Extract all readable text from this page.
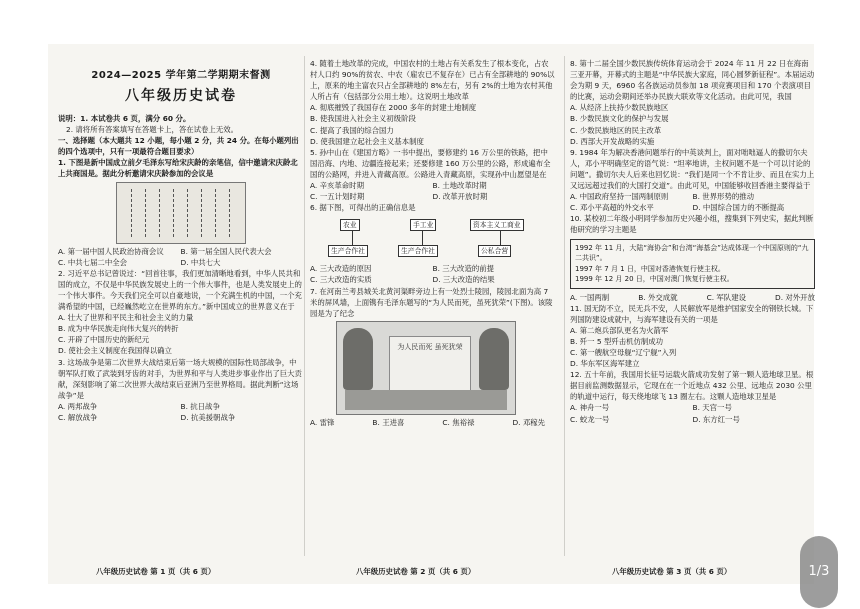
2024—2025 学年第二学期期末督测
八年级历史试卷

说明：1. 本试卷共 6 页，满分 60 分。

2. 请将所有答案填写在答题卡上，答在试卷上无效。

一、选择题（本大题共 12 小题，每小题 2 分，共 24 分。在每小题列出的四个选项中，只有一项最符合题目要求）

1. 下图是新中国成立前夕毛泽东写给宋庆龄的亲笔信，信中邀请宋庆龄北上共商国是。据此分析邀请宋庆龄参加的会议是

A. 第一届中国人民政治协商会议	B. 第一届全国人民代表大会
C. 中共七届二中全会	D. 中共七大

2. 习近平总书记曾说过：“回首往事，我们更加清晰地看到，中华人民共和国的成立，不仅是中华民族发展史上的一个伟大事件，也是人类发展史上的一个伟大事件。今天我们完全可以自豪地说，一个充满生机的中国，一个充满希望的中国，已经巍然屹立在世界的东方。”新中国成立的世界意义在于

A. 壮大了世界和平民主和社会主义的力量

B. 成为中华民族走向伟大复兴的转折

C. 开辟了中国历史的新纪元

D. 使社会主义制度在我国得以确立

3. 这场战争是第二次世界大战结束后第一场大规模的国际性局部战争，中朝军队打败了武装到牙齿的对手，为世界和平与人类进步事业作出了巨大贡献，深刻影响了第二次世界大战结束后亚洲乃至世界格局。据此判断“这场战争”是

A. 两邦战争	B. 抗日战争
C. 解放战争	D. 抗美援朝战争

4. 随着土地改革的完成，中国农村的土地占有关系发生了根本变化，占农村人口约 90%的贫农、中农（雇农已不复存在）已占有全部耕地的 90%以上，原来的地主富农只占全部耕地的 8%左右，另有 2%的土地为农村其他人所占有（包括部分公用土地）。这说明土地改革

A. 彻底摧毁了我国存在 2000 多年的封建土地制度

B. 使我国进入社会主义初级阶段

C. 提高了我国的综合国力

D. 使我国建立起社会主义基本制度

5. 孙中山在《建国方略》一书中提出，要修建约 16 万公里的铁路，把中国沿海、内地、边疆连接起来；还要修建 160 万公里的公路，形成遍布全国的公路网，并进入青藏高原。公路进入青藏高原，实现孙中山愿望是在

A. 辛亥革命时期	B. 土地改革时期
C. 一五计划时期	D. 改革开放时期

6. 据下图，可得出的正确信息是

农业	手工业	资本主义工商业
生产合作社	生产合作社	公私合营
A. 三大改造的原因	B. 三大改造的前提
C. 三大改造的实质	D. 三大改造的结果

7. 在河南兰考县城关北黄河渠畔旁边上有一处烈士陵园，陵园北面为高 7 米的屏风墙，上面镌有毛泽东题写的“为人民而死，虽死犹荣”(下图)。该陵园是为了纪念

为人民而死 虽死犹荣
A. 雷锋	B. 王进喜	C. 焦裕禄	D. 邓稼先

8. 第十二届全国少数民族传统体育运动会于 2024 年 11 月 22 日在海南三亚开幕，开幕式的主题是“中华民族大家庭，同心圆梦新征程”。本届运动会为期 9 天，6960 名各族运动员参加 18 项竞赛项目和 170 个表演项目的比赛，运动会期间还举办民族大联欢等文化活动。由此可见，我国

A. 从经济上扶持少数民族地区

B. 少数民族文化的保护与发展

C. 少数民族地区的民主改革

D. 西部大开发战略的实施

9. 1984 年为解决香港问题举行的中英谈判上，面对咄咄逼人的撒切尔夫人，邓小平明确坚定的语气说：“坦率地讲，主权问题不是一个可以讨论的问题”。撒切尔夫人后来也回忆说：“我们是同一个不肯让步、而且在实力上又远远超过我们的大国打交道”。由此可见，中国能够收回香港主要得益于

A. 中国政府坚持一国两制原则	B. 世界形势的推动
C. 邓小平高超的外交水平	D. 中国综合国力的不断提高

10. 某校初二年级小明同学参加历史兴趣小组，搜集到下列史实，据此判断他研究的学习主题是

1992 年 11 月，大陆“海协会”和台湾“海基会”达成体现一个中国原则的“九二共识”。

1997 年 7 月 1 日，中国对香港恢复行使主权。

1999 年 12 月 20 日，中国对澳门恢复行使主权。

A. 一国两制	B. 外交成就	C. 军队建设	D. 对外开放

11. 国无防不立，民无兵不安，人民解放军是维护国家安全的钢铁长城。下列国防建设成就中，与海军建设有关的一项是

A. 第二炮兵部队更名为火箭军

B. 歼一 5 型歼击机仿制成功

C. 第一艘航空母舰“辽宁舰”入列

D. 华东军区海军建立

12. 五十年前，我国用长征号运载火箭成功发射了第一颗人造地球卫星。根据目前监测数据显示，它现在在一个近地点 432 公里、远地点 2030 公里的轨道中运行，每天绕地球飞 13 圈左右。这颗人造地球卫星是

A. 神舟一号	B. 天宫一号
C. 蛟龙一号	D. 东方红一号
八年级历史试卷 第 1 页（共 6 页）	八年级历史试卷 第 2 页（共 6 页）	八年级历史试卷 第 3 页（共 6 页）	1/3
